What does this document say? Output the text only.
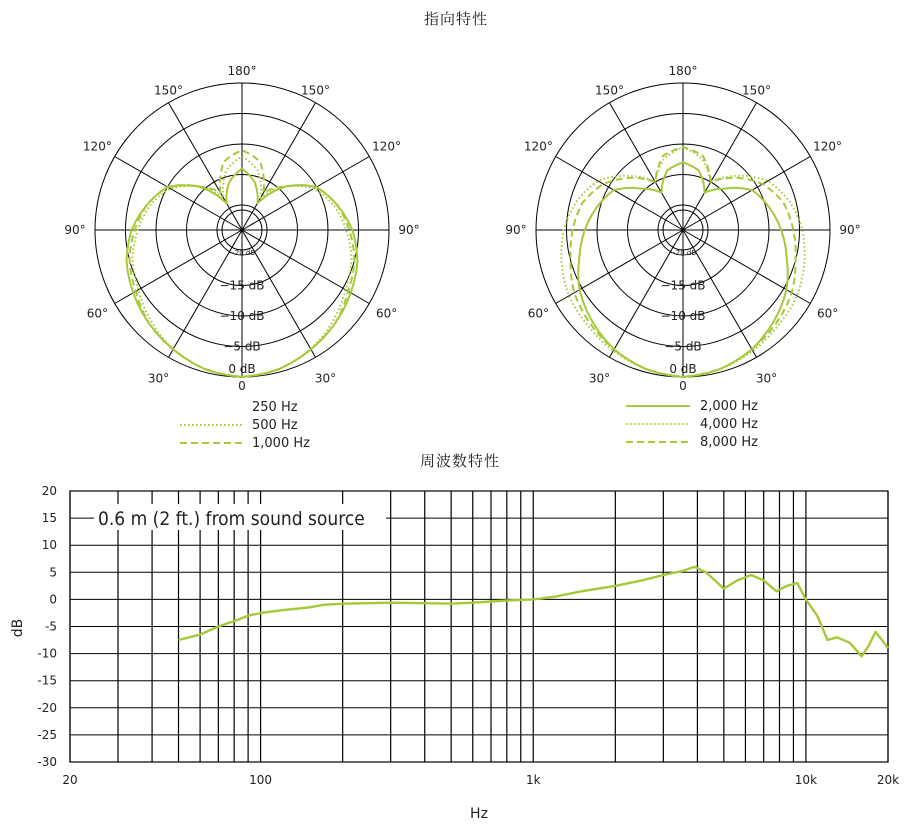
指向特性
周波数特性
180°
150°	150°
120°	120°
90°	90°
60°	60°
30°	30°
0
−20 dB
−15 dB
−10 dB
−5 dB
0 dB
180°
150°	150°
120°	120°
90°	90°
60°	60°
30°	30°
0
−20 dB
−15 dB
−10 dB
−5 dB
0 dB
250 Hz
500 Hz
1,000 Hz
2,000 Hz
4,000 Hz
8,000 Hz
0.6 m (2 ft.) from sound source
20
15
10
5
0
-5
-10
-15
-20
-25
-30
20	100	1k	10k	20k
Hz
dB
